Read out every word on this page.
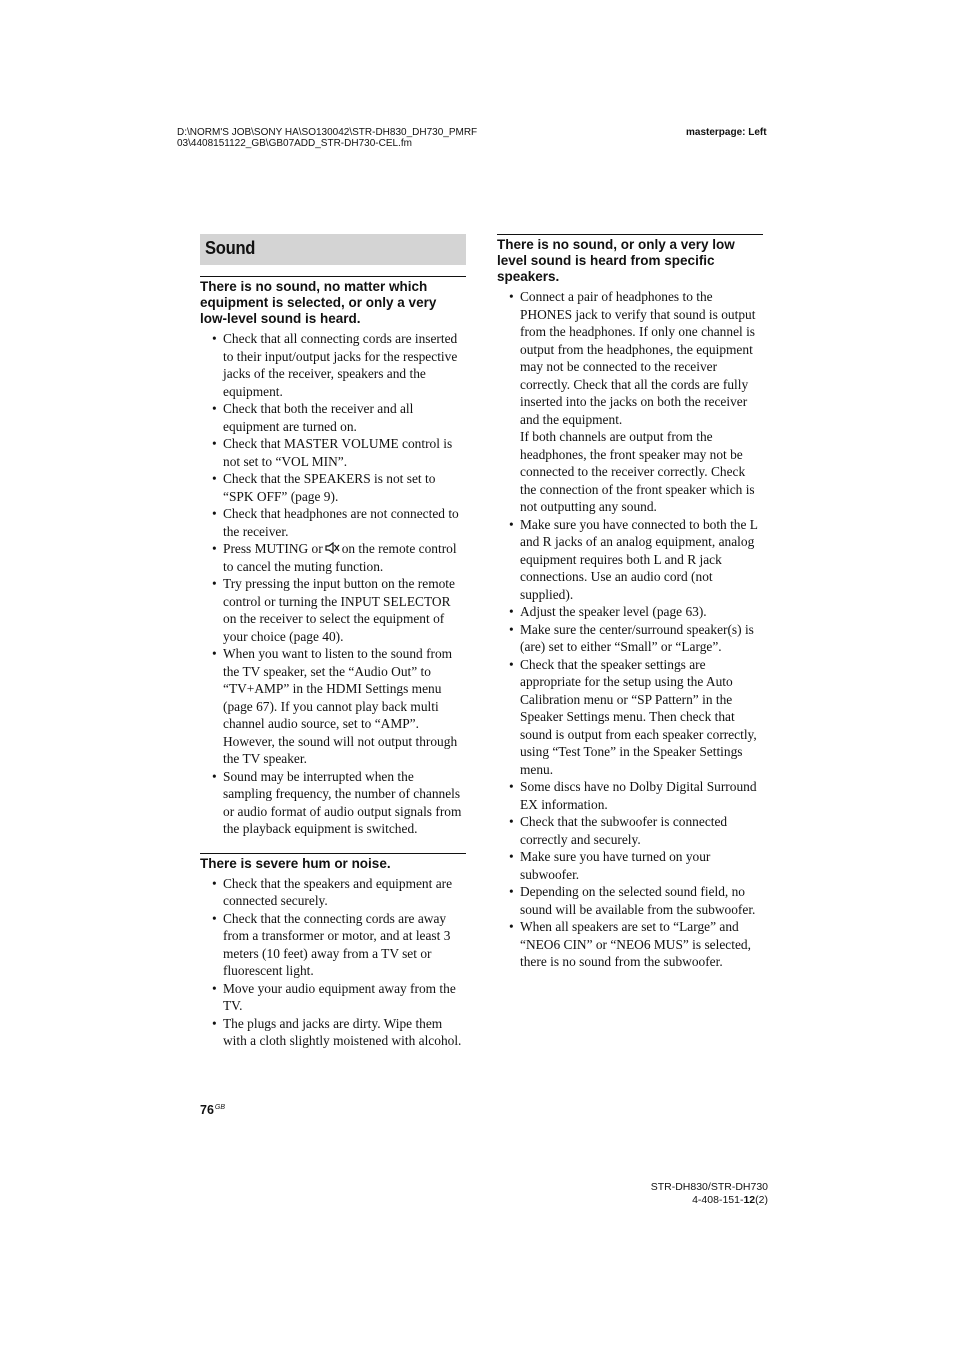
D:\NORM'S JOB\SONY HA\SO130042\STR-DH830_DH730_PMRF
03\4408151122_GB\GB07ADD_STR-DH730-CEL.fm
masterpage: Left
Sound
There is no sound, no matter which equipment is selected, or only a very low-level sound is heard.
• Check that all connecting cords are inserted to their input/output jacks for the respective jacks of the receiver, speakers and the equipment.
• Check that both the receiver and all equipment are turned on.
• Check that MASTER VOLUME control is not set to “VOL MIN”.
• Check that the SPEAKERS is not set to “SPK OFF” (page 9).
• Check that headphones are not connected to the receiver.
• Press MUTING or on the remote control to cancel the muting function.
• Try pressing the input button on the remote control or turning the INPUT SELECTOR on the receiver to select the equipment of your choice (page 40).
• When you want to listen to the sound from the TV speaker, set the “Audio Out” to “TV+AMP” in the HDMI Settings menu (page 67). If you cannot play back multi channel audio source, set to “AMP”. However, the sound will not output through the TV speaker.
• Sound may be interrupted when the sampling frequency, the number of channels or audio format of audio output signals from the playback equipment is switched.
There is severe hum or noise.
• Check that the speakers and equipment are connected securely.
• Check that the connecting cords are away from a transformer or motor, and at least 3 meters (10 feet) away from a TV set or fluorescent light.
• Move your audio equipment away from the TV.
• The plugs and jacks are dirty. Wipe them with a cloth slightly moistened with alcohol.
There is no sound, or only a very low level sound is heard from specific speakers.
• Connect a pair of headphones to the PHONES jack to verify that sound is output from the headphones. If only one channel is output from the headphones, the equipment may not be connected to the receiver correctly. Check that all the cords are fully inserted into the jacks on both the receiver and the equipment.
If both channels are output from the headphones, the front speaker may not be connected to the receiver correctly. Check the connection of the front speaker which is not outputting any sound.
• Make sure you have connected to both the L and R jacks of an analog equipment, analog equipment requires both L and R jack connections. Use an audio cord (not supplied).
• Adjust the speaker level (page 63).
• Make sure the center/surround speaker(s) is (are) set to either “Small” or “Large”.
• Check that the speaker settings are appropriate for the setup using the Auto Calibration menu or “SP Pattern” in the Speaker Settings menu. Then check that sound is output from each speaker correctly, using “Test Tone” in the Speaker Settings menu.
• Some discs have no Dolby Digital Surround EX information.
• Check that the subwoofer is connected correctly and securely.
• Make sure you have turned on your subwoofer.
• Depending on the selected sound field, no sound will be available from the subwoofer.
• When all speakers are set to “Large” and “NEO6 CIN” or “NEO6 MUS” is selected, there is no sound from the subwoofer.
$76^{GB}$
STR-DH830/STR-DH730
4-408-151-12(2)
